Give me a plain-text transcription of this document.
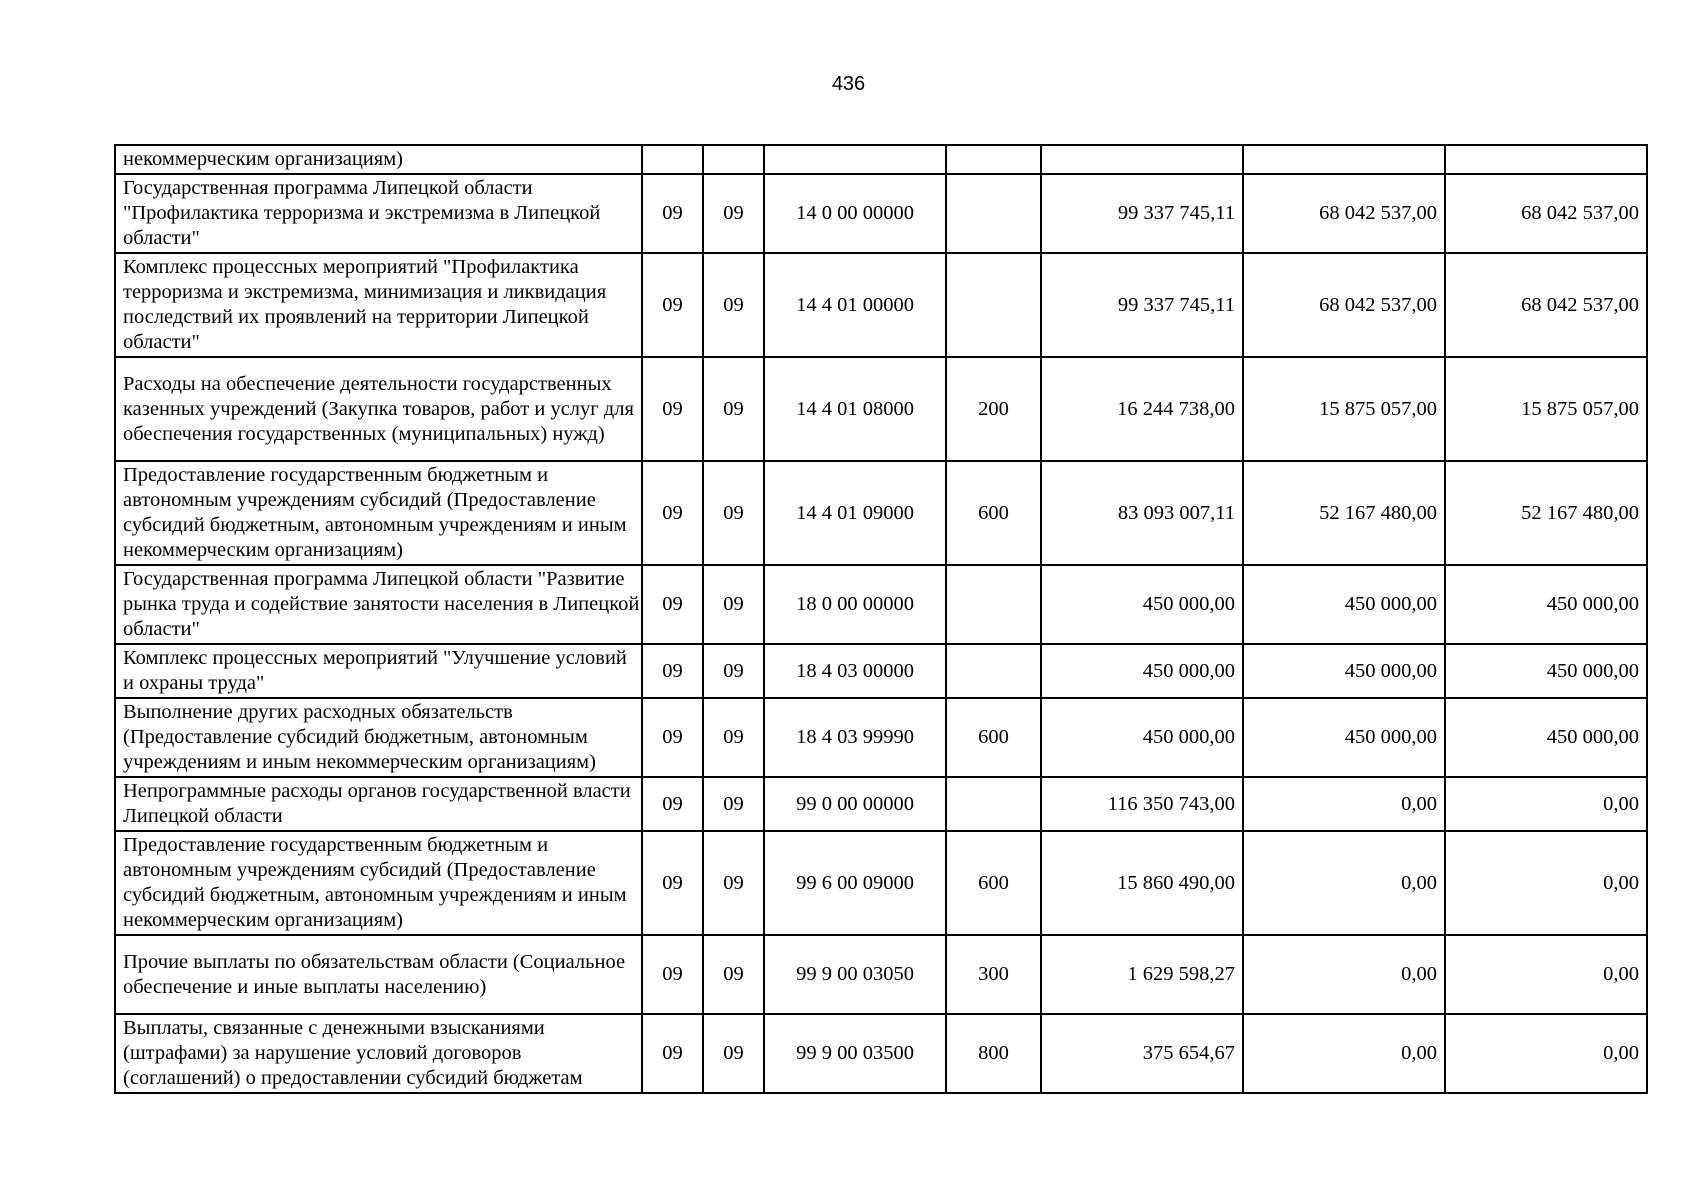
436
некоммерческим организациям)							
Государственная программа Липецкой области "Профилактика терроризма и экстремизма в Липецкой области"	09	09	14 0 00 00000		99 337 745,11	68 042 537,00	68 042 537,00
Комплекс процессных мероприятий "Профилактика терроризма и экстремизма, минимизация и ликвидация последствий их проявлений на территории Липецкой области"	09	09	14 4 01 00000		99 337 745,11	68 042 537,00	68 042 537,00
Расходы на обеспечение деятельности государственных казенных учреждений (Закупка товаров, работ и услуг для обеспечения государственных (муниципальных) нужд)	09	09	14 4 01 08000	200	16 244 738,00	15 875 057,00	15 875 057,00
Предоставление государственным бюджетным и автономным учреждениям субсидий (Предоставление субсидий бюджетным, автономным учреждениям и иным некоммерческим организациям)	09	09	14 4 01 09000	600	83 093 007,11	52 167 480,00	52 167 480,00
Государственная программа Липецкой области "Развитие рынка труда и содействие занятости населения в Липецкой области"	09	09	18 0 00 00000		450 000,00	450 000,00	450 000,00
Комплекс процессных мероприятий "Улучшение условий и охраны труда"	09	09	18 4 03 00000		450 000,00	450 000,00	450 000,00
Выполнение других расходных обязательств (Предоставление субсидий бюджетным, автономным учреждениям и иным некоммерческим организациям)	09	09	18 4 03 99990	600	450 000,00	450 000,00	450 000,00
Непрограммные расходы органов государственной власти Липецкой области	09	09	99 0 00 00000		116 350 743,00	0,00	0,00
Предоставление государственным бюджетным и автономным учреждениям субсидий (Предоставление субсидий бюджетным, автономным учреждениям и иным некоммерческим организациям)	09	09	99 6 00 09000	600	15 860 490,00	0,00	0,00
Прочие выплаты по обязательствам области (Социальное обеспечение и иные выплаты населению)	09	09	99 9 00 03050	300	1 629 598,27	0,00	0,00
Выплаты, связанные с денежными взысканиями (штрафами) за нарушение условий договоров (соглашений) о предоставлении субсидий бюджетам	09	09	99 9 00 03500	800	375 654,67	0,00	0,00
